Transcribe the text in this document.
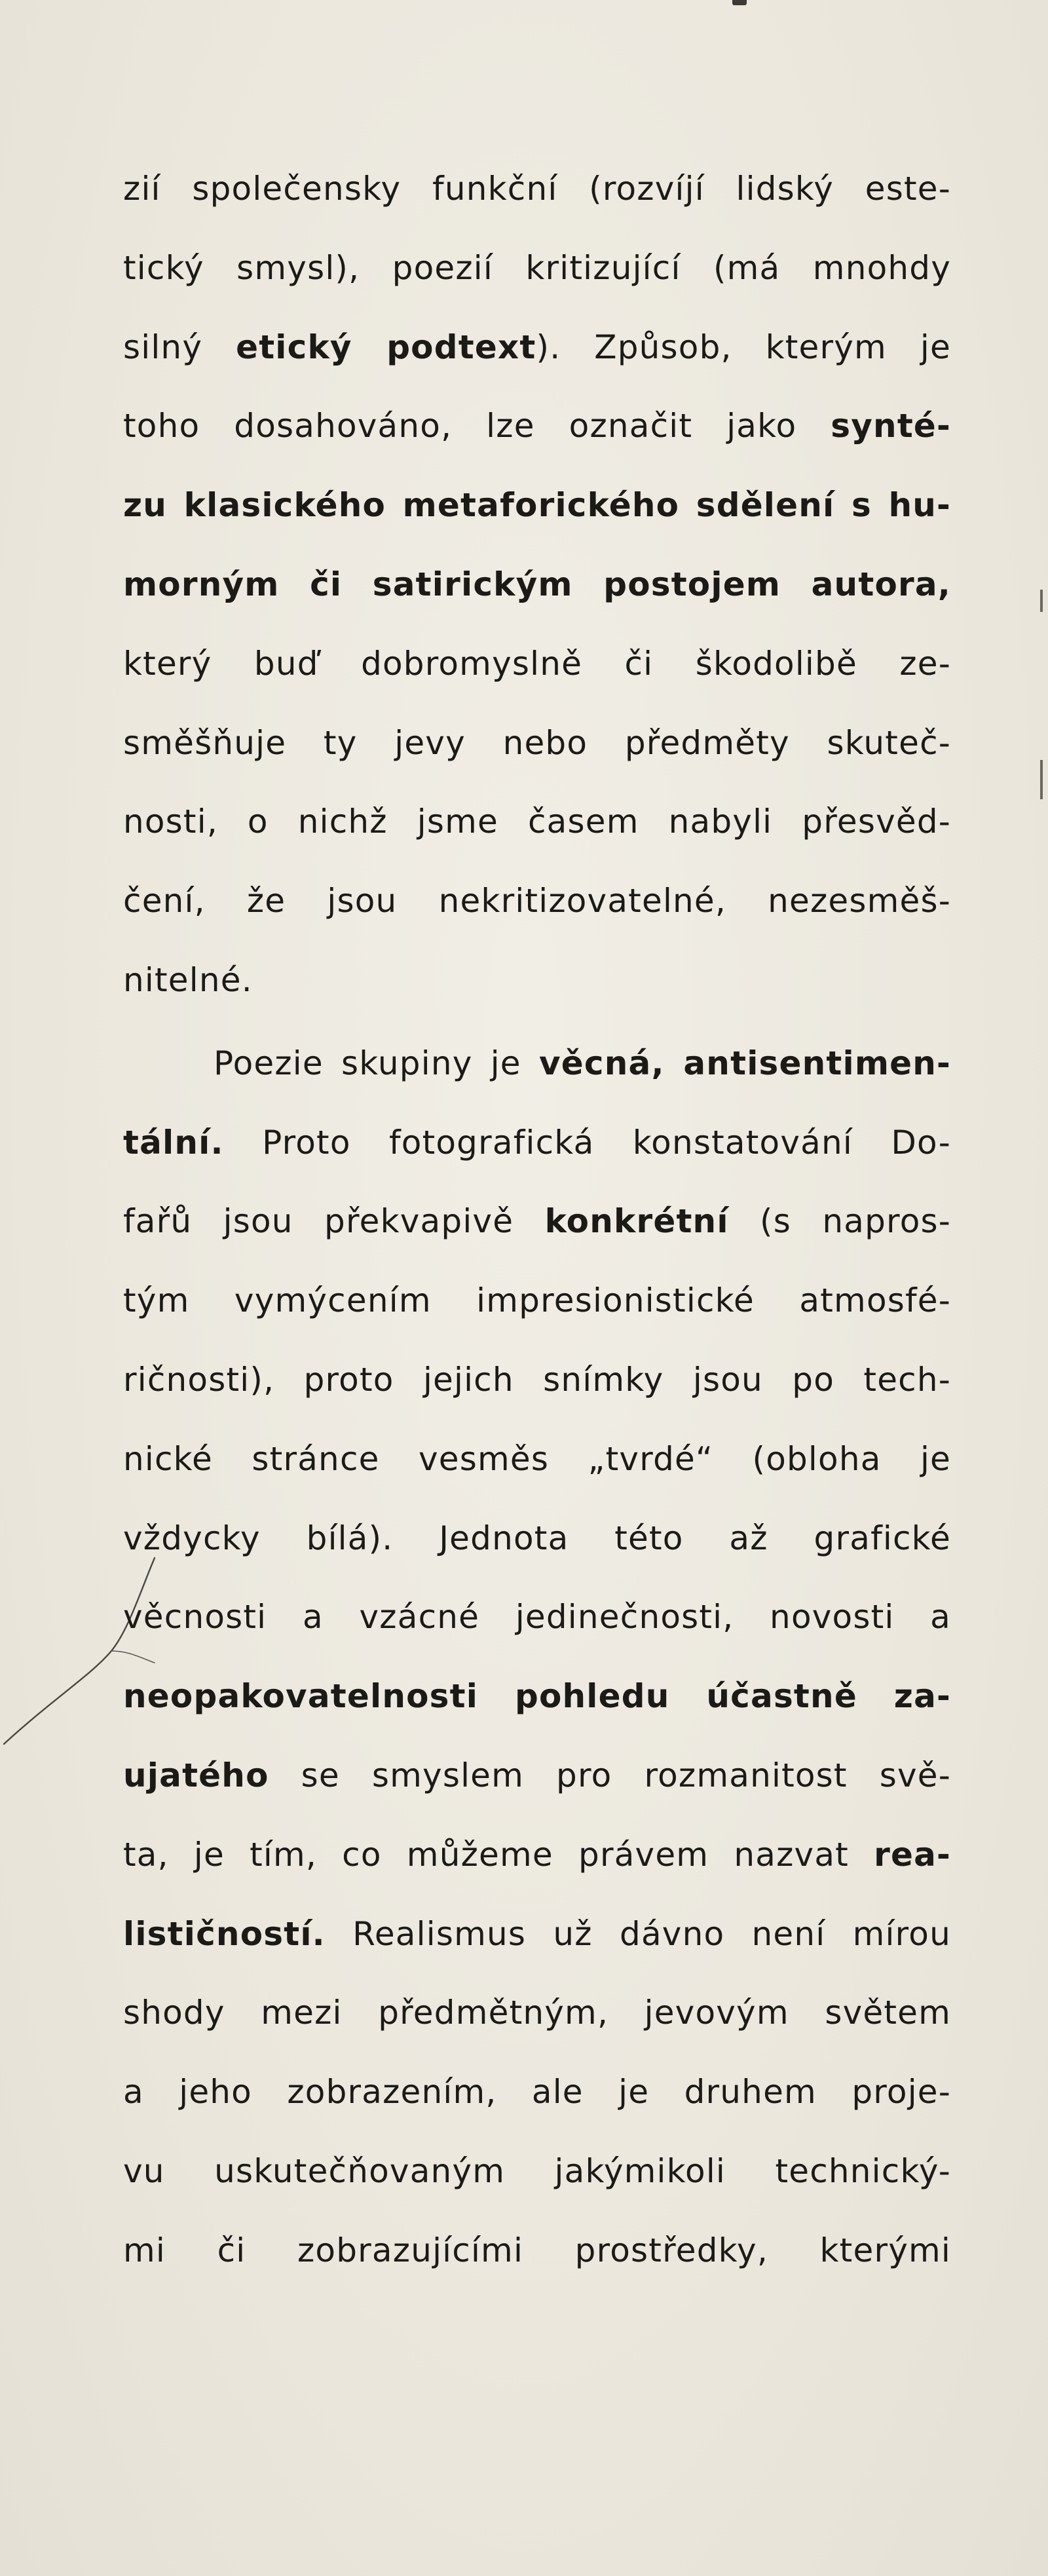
zií společensky funkční (rozvíjí lidský este-
tický smysl), poezií kritizující (má mnohdy
silný etický podtext). Způsob, kterým je
toho dosahováno, lze označit jako synté-
zu klasického metaforického sdělení s hu-
morným či satirickým postojem autora,
který buď dobromyslně či škodolibě ze-
směšňuje ty jevy nebo předměty skuteč-
nosti, o nichž jsme časem nabyli přesvěd-
čení, že jsou nekritizovatelné, nezesměš-
nitelné.
Poezie skupiny je věcná, antisentimen-
tální. Proto fotografická konstatování Do-
fařů jsou překvapivě konkrétní (s napros-
tým vymýcením impresionistické atmosfé-
ričnosti), proto jejich snímky jsou po tech-
nické stránce vesměs „tvrdé“ (obloha je
vždycky bílá). Jednota této až grafické
věcnosti a vzácné jedinečnosti, novosti a
neopakovatelnosti pohledu účastně za-
ujatého se smyslem pro rozmanitost svě-
ta, je tím, co můžeme právem nazvat rea-
lističností. Realismus už dávno není mírou
shody mezi předmětným, jevovým světem
a jeho zobrazením, ale je druhem proje-
vu uskutečňovaným jakýmikoli technický-
mi či zobrazujícími prostředky, kterými
